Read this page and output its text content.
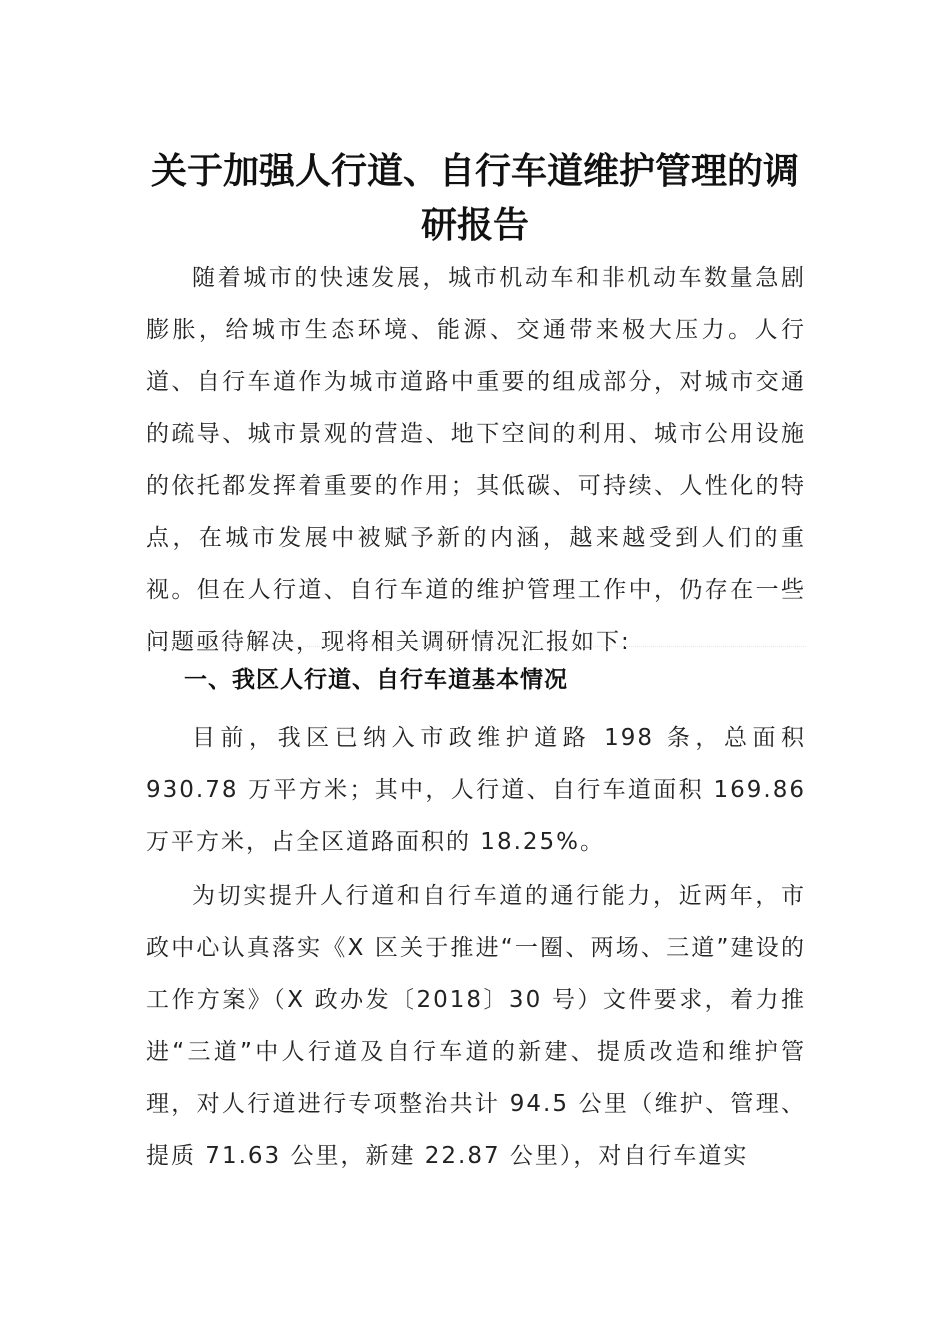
关于加强人行道、自行车道维护管理的调研报告

随着城市的快速发展，城市机动车和非机动车数量急剧膨胀，给城市生态环境、能源、交通带来极大压力。人行道、自行车道作为城市道路中重要的组成部分，对城市交通的疏导、城市景观的营造、地下空间的利用、城市公用设施的依托都发挥着重要的作用；其低碳、可持续、人性化的特点，在城市发展中被赋予新的内涵，越来越受到人们的重视。但在人行道、自行车道的维护管理工作中，仍存在一些问题亟待解决，现将相关调研情况汇报如下:

一、我区人行道、自行车道基本情况

目前，我区已纳入市政维护道路 198 条，总面积 930.78 万平方米；其中，人行道、自行车道面积 169.86 万平方米，占全区道路面积的 18.25%。

为切实提升人行道和自行车道的通行能力，近两年，市政中心认真落实《X 区关于推进“一圈、两场、三道”建设的工作方案》（X 政办发〔2018〕30 号）文件要求，着力推进“三道”中人行道及自行车道的新建、提质改造和维护管理，对人行道进行专项整治共计 94.5 公里（维护、管理、提质 71.63 公里，新建 22.87 公里），对自行车道实
